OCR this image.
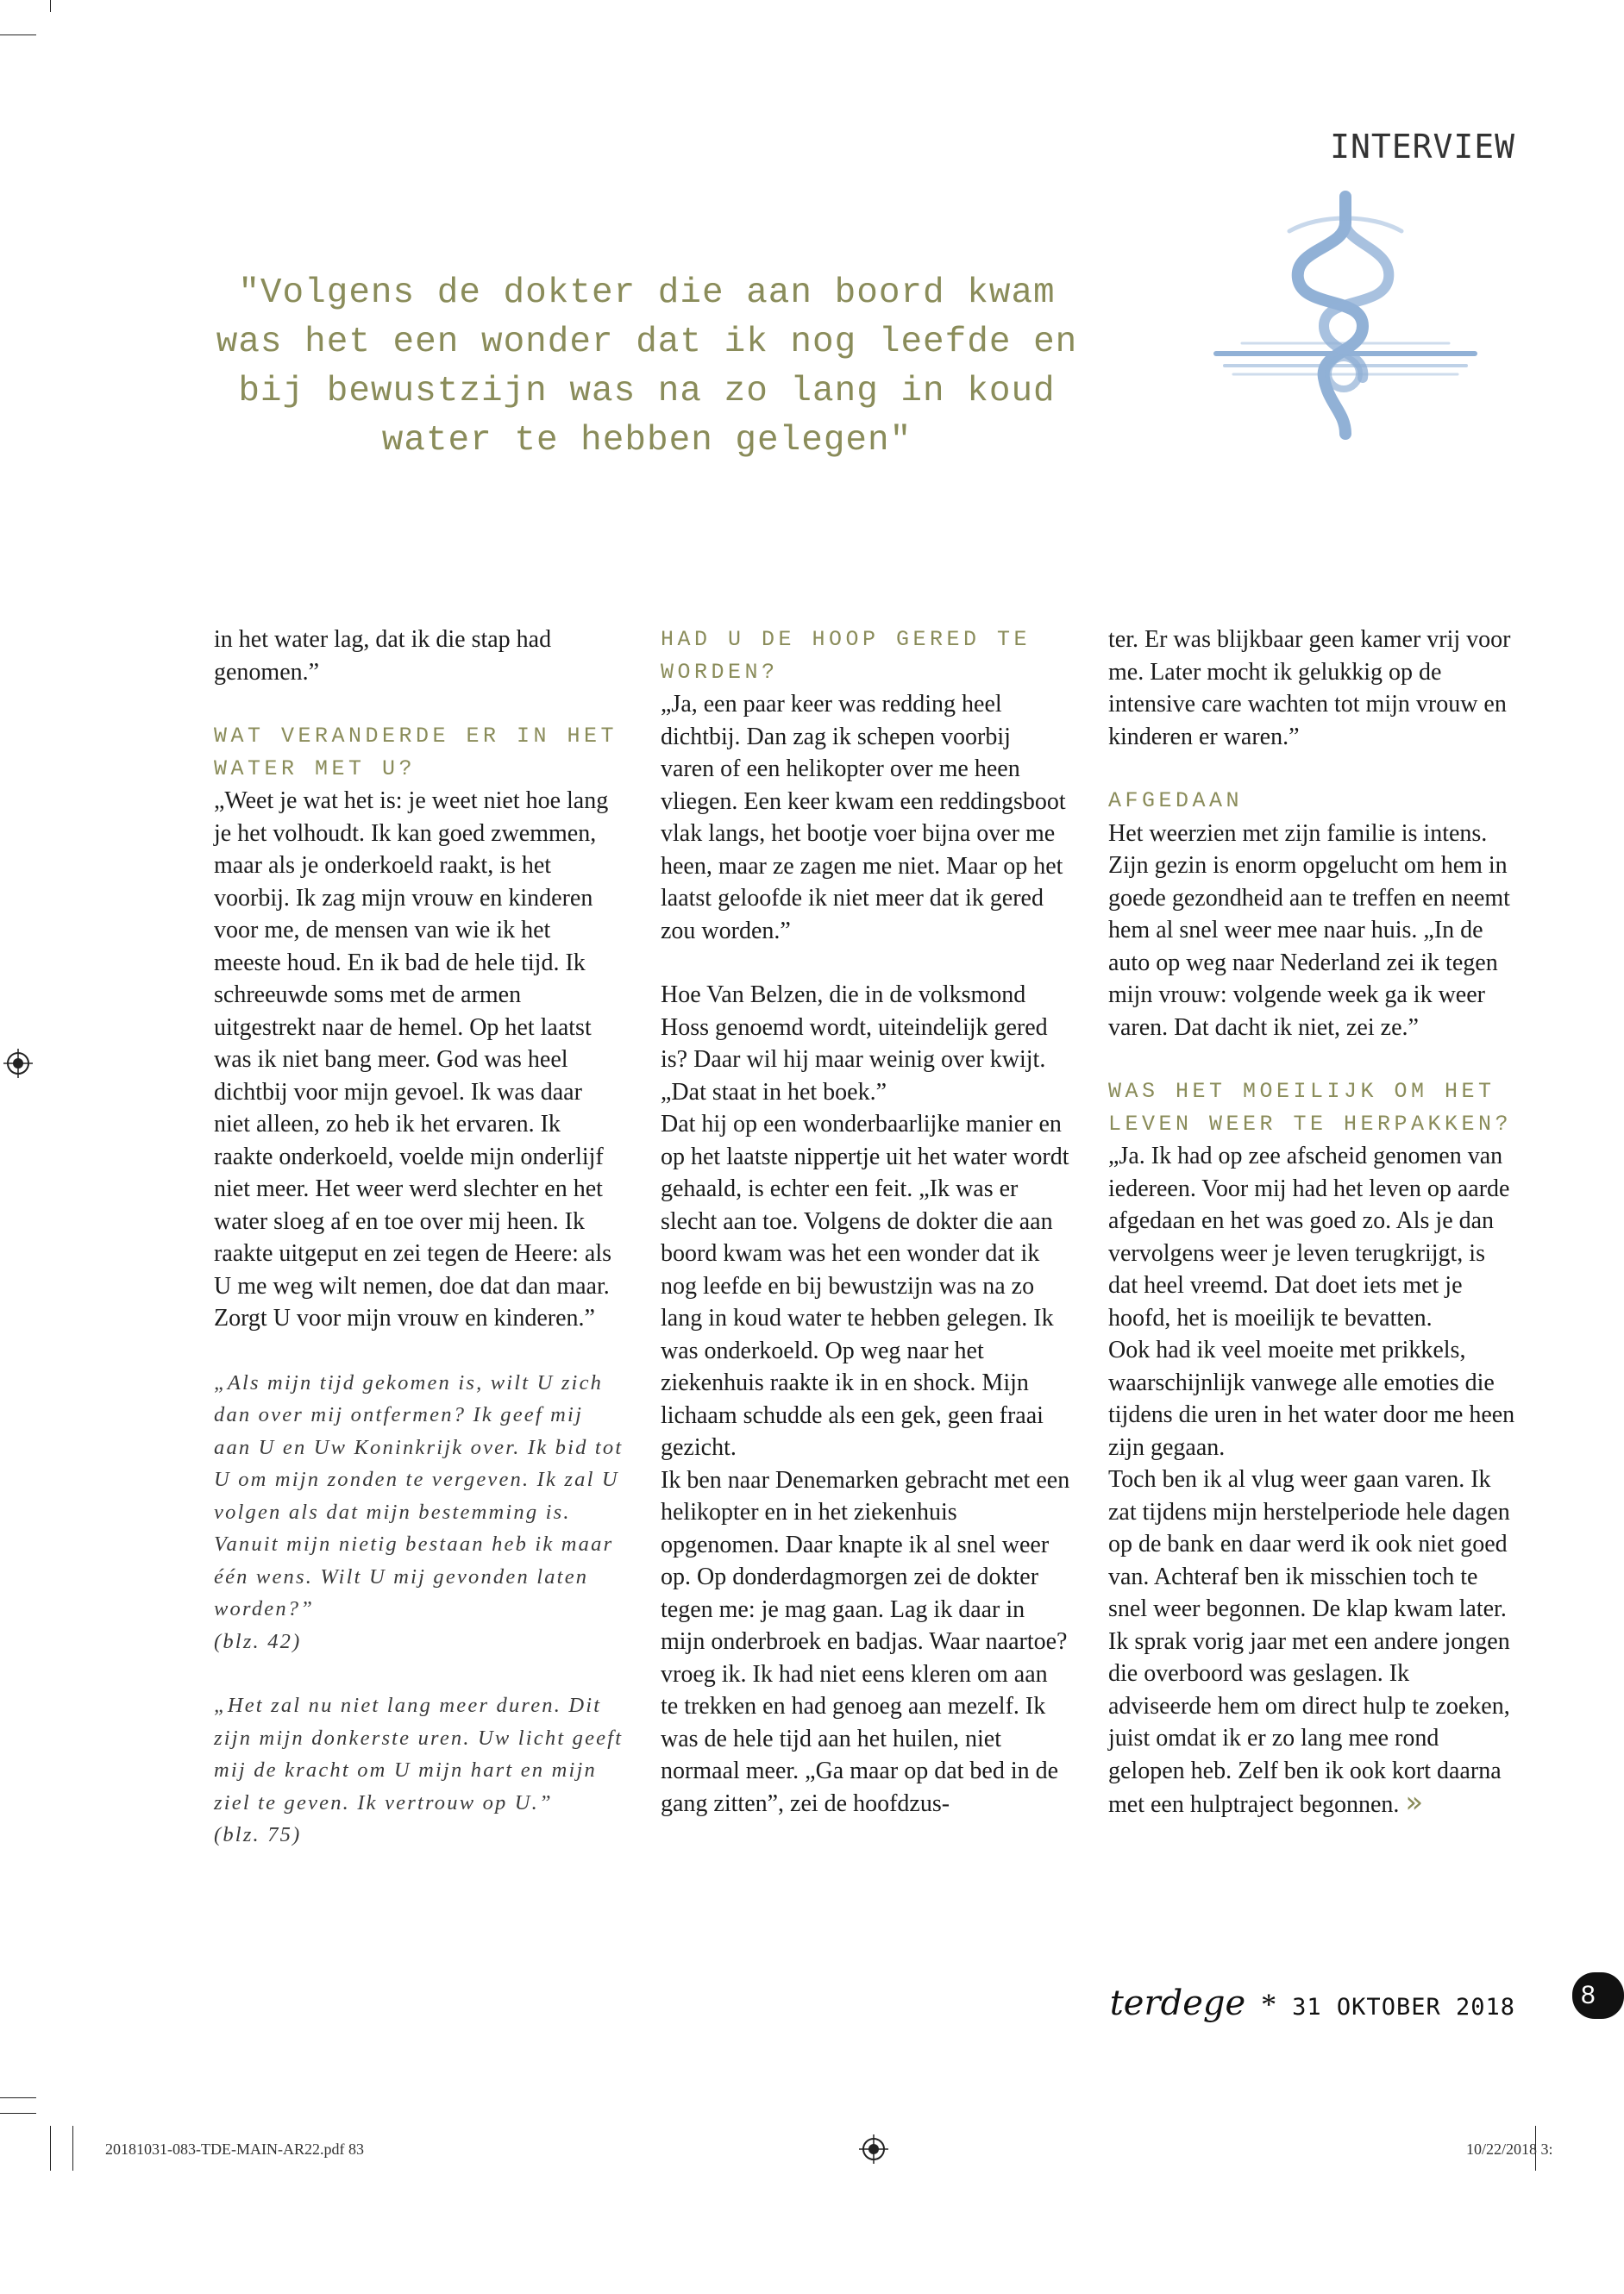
INTERVIEW

"Volgens de dokter die aan boord kwam was het een wonder dat ik nog leefde en bij bewustzijn was na zo lang in koud water te hebben gelegen"

in het water lag, dat ik die stap had genomen.”

WAT VERANDERDE ER IN HET WATER MET U?

„Weet je wat het is: je weet niet hoe lang je het volhoudt. Ik kan goed zwemmen, maar als je onderkoeld raakt, is het voorbij. Ik zag mijn vrouw en kinderen voor me, de mensen van wie ik het meeste houd. En ik bad de hele tijd. Ik schreeuwde soms met de armen uitgestrekt naar de hemel. Op het laatst was ik niet bang meer. God was heel dichtbij voor mijn gevoel. Ik was daar niet alleen, zo heb ik het ervaren. Ik raakte onderkoeld, voelde mijn onderlijf niet meer. Het weer werd slechter en het water sloeg af en toe over mij heen. Ik raakte uitgeput en zei tegen de Heere: als U me weg wilt nemen, doe dat dan maar. Zorgt U voor mijn vrouw en kinderen.”

„Als mijn tijd gekomen is, wilt U zich dan over mij ontfermen? Ik geef mij aan U en Uw Koninkrijk over. Ik bid tot U om mijn zonden te vergeven. Ik zal U volgen als dat mijn bestemming is. Vanuit mijn nietig bestaan heb ik maar één wens. Wilt U mij gevonden laten worden?”

(blz. 42)

„Het zal nu niet lang meer duren. Dit zijn mijn donkerste uren. Uw licht geeft mij de kracht om U mijn hart en mijn ziel te geven. Ik vertrouw op U.”

(blz. 75)

HAD U DE HOOP GERED TE WORDEN?

„Ja, een paar keer was redding heel dichtbij. Dan zag ik schepen voorbij varen of een helikopter over me heen vliegen. Een keer kwam een reddingsboot vlak langs, het bootje voer bijna over me heen, maar ze zagen me niet. Maar op het laatst geloofde ik niet meer dat ik gered zou worden.”

Hoe Van Belzen, die in de volksmond Hoss genoemd wordt, uiteindelijk gered is? Daar wil hij maar weinig over kwijt. „Dat staat in het boek.”

Dat hij op een wonderbaarlijke manier en op het laatste nippertje uit het water wordt gehaald, is echter een feit. „Ik was er slecht aan toe. Volgens de dokter die aan boord kwam was het een wonder dat ik nog leefde en bij bewustzijn was na zo lang in koud water te hebben gelegen. Ik was onderkoeld. Op weg naar het ziekenhuis raakte ik in en shock. Mijn lichaam schudde als een gek, geen fraai gezicht.

Ik ben naar Denemarken gebracht met een helikopter en in het ziekenhuis opgenomen. Daar knapte ik al snel weer op. Op donderdagmorgen zei de dokter tegen me: je mag gaan. Lag ik daar in mijn onderbroek en badjas. Waar naartoe? vroeg ik. Ik had niet eens kleren om aan te trekken en had genoeg aan mezelf. Ik was de hele tijd aan het huilen, niet normaal meer. „Ga maar op dat bed in de gang zitten”, zei de hoofdzus-

ter. Er was blijkbaar geen kamer vrij voor me. Later mocht ik gelukkig op de intensive care wachten tot mijn vrouw en kinderen er waren.”

AFGEDAAN

Het weerzien met zijn familie is intens. Zijn gezin is enorm opgelucht om hem in goede gezondheid aan te treffen en neemt hem al snel weer mee naar huis. „In de auto op weg naar Nederland zei ik tegen mijn vrouw: volgende week ga ik weer varen. Dat dacht ik niet, zei ze.”

WAS HET MOEILIJK OM HET LEVEN WEER TE HERPAKKEN?

„Ja. Ik had op zee afscheid genomen van iedereen. Voor mij had het leven op aarde afgedaan en het was goed zo. Als je dan vervolgens weer je leven terugkrijgt, is dat heel vreemd. Dat doet iets met je hoofd, het is moeilijk te bevatten.

Ook had ik veel moeite met prikkels, waarschijnlijk vanwege alle emoties die tijdens die uren in het water door me heen zijn gegaan.

Toch ben ik al vlug weer gaan varen. Ik zat tijdens mijn herstelperiode hele dagen op de bank en daar werd ik ook niet goed van. Achteraf ben ik misschien toch te snel weer begonnen. De klap kwam later.

Ik sprak vorig jaar met een andere jongen die overboord was geslagen. Ik adviseerde hem om direct hulp te zoeken, juist omdat ik er zo lang mee rond gelopen heb. Zelf ben ik ook kort daarna met een hulptraject begonnen. »

terdege * 31 OKTOBER 2018	8
20181031-083-TDE-MAIN-AR22.pdf 83	10/22/2018 3:
